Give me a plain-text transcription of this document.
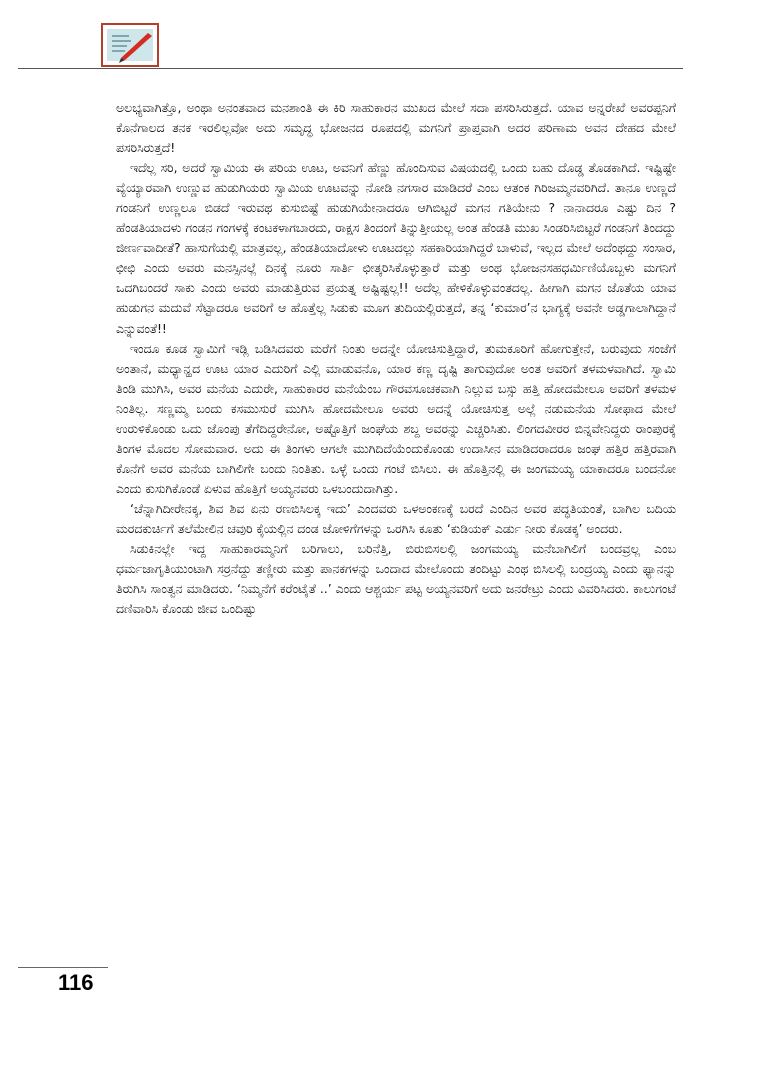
ಅಲಭ್ಯವಾಗಿತ್ತೊ, ಅಂಥಾ ಅನಂತವಾದ ಮನಶಾಂತಿ ಈ ಕಿರಿ ಸಾಹುಕಾರನ ಮುಖದ ಮೇಲೆ ಸದಾ ಪಸರಿಸಿರುತ್ತದೆ. ಯಾವ ಅನ್ನರೇಖೆ ಅವರಪ್ಪನಿಗೆ ಕೊನೆಗಾಲದ ತನಕ ಇರಲಿಲ್ಲವೋ ಅದು ಸಮೃದ್ಧ ಭೋಜನದ ರೂಪದಲ್ಲಿ ಮಗನಿಗೆ ಪ್ರಾಪ್ತವಾಗಿ ಅದರ ಪರಿಣಾಮ ಅವನ ದೇಹದ ಮೇಲೆ ಪಸರಿಸಿರುತ್ತದೆ!

ಇದೆಲ್ಲ ಸರಿ, ಅದರೆ ಸ್ವಾಮಿಯ ಈ ಪರಿಯ ಊಟ, ಅವನಿಗೆ ಹೆಣ್ಣು ಹೊಂದಿಸುವ ವಿಷಯದಲ್ಲಿ ಒಂದು ಬಹು ದೊಡ್ಡ ತೊಡಕಾಗಿದೆ. ಇಷ್ಟಿಷ್ಟೇ ವ್ಯೆಯ್ಯಾರವಾಗಿ ಉಣ್ಣುವ ಹುಡುಗಿಯರು ಸ್ವಾಮಿಯ ಊಟವನ್ನು ನೋಡಿ ನಗಸಾರ ಮಾಡಿದರೆ ಎಂಬ ಆತಂಕ ಗಿರಿಜಮ್ಮನವರಿಗಿದೆ. ತಾನೂ ಉಣ್ಣದೆ ಗಂಡನಿಗೆ ಉಣ್ಣಲೂ ಬಿಡದೆ ಇರುವಥ ಕುಸುಬಿಷ್ಟೆ ಹುಡುಗಿಯೇನಾದರೂ ಆಗಿಬಿಟ್ಟರೆ ಮಗನ ಗತಿಯೇನು ? ನಾನಾದರೂ ಎಷ್ಟು ದಿನ ? ಹೆಂಡತಿಯಾದಳು ಗಂಡನ ಗಂಗಳಕ್ಕೆ ಕಂಟಕಳಾಗಬಾರದು, ರಾಕ್ಷಸ ತಿಂದಂಗೆ ತಿನ್ನುತ್ತೀಯಲ್ಲ ಅಂತ ಹೆಂಡತಿ ಮುಖ ಸಿಂಡರಿಸಿಬಿಟ್ಟರೆ ಗಂಡನಿಗೆ ತಿಂದದ್ದು ಜೀರ್ಣವಾದೀತೆ? ಹಾಸುಗೆಯಲ್ಲಿ ಮಾತ್ರವಲ್ಲ, ಹೆಂಡತಿಯಾದೋಳು ಊಟದಲ್ಲು ಸಹಕಾರಿಯಾಗಿದ್ದರೆ ಬಾಳುವೆ, ಇಲ್ಲದ ಮೇಲೆ ಅದೆಂಥದ್ದು ಸಂಸಾರ, ಛೀಛಿ ಎಂದು ಅವರು ಮನಸ್ಸಿನಲ್ಲೆ ದಿನಕ್ಕೆ ನೂರು ಸಾರ್ತಿ ಛೀತ್ಕರಿಸಿಕೊಳ್ಳುತ್ತಾರೆ ಮತ್ತು ಅಂಥ ಭೋಜನಸಹಧರ್ಮಿಣಿಯೊಬ್ಬಳು ಮಗನಿಗೆ ಒದಗಿಬಂದರೆ ಸಾಕು ಎಂದು ಅವರು ಮಾಡುತ್ತಿರುವ ಪ್ರಯತ್ನ ಅಷ್ಟಿಷ್ಟಲ್ಲ!! ಅದೆಲ್ಲ ಹೇಳಿಕೊಳ್ಳುವಂತದಲ್ಲ. ಹೀಗಾಗಿ ಮಗನ ಜೊತೆಯ ಯಾವ ಹುಡುಗನ ಮದುವೆ ಸೆಟ್ಟಾದರೂ ಅವರಿಗೆ ಆ ಹೊತ್ತೆಲ್ಲ ಸಿಡುಕು ಮೂಗ ತುದಿಯಲ್ಲಿರುತ್ತದೆ, ತನ್ನ ‘ಕುಮಾರ’ನ ಭಾಗ್ಯಕ್ಕೆ ಅವನೇ ಅಡ್ಡಗಾಲಾಗಿದ್ದಾನೆ ಎನ್ನುವಂತೆ!!

ಇಂದೂ ಕೂಡ ಸ್ವಾಮಿಗೆ ಇಡ್ಲಿ ಬಡಿಸಿದವರು ಮರೆಗೆ ನಿಂತು ಅದನ್ನೇ ಯೋಚಿಸುತ್ತಿದ್ದಾರೆ, ತುಮಕೂರಿಗೆ ಹೋಗುತ್ತೇನೆ, ಬರುವುದು ಸಂಜೆಗೆ ಅಂತಾನೆ, ಮಧ್ಯಾನ್ಹದ ಊಟ ಯಾರ ಎದುರಿಗೆ ಎಲ್ಲಿ ಮಾಡುವನೊ, ಯಾರ ಕಣ್ಣ ದೃಷ್ಟಿ ತಾಗುವುದೋ ಅಂತ ಅವರಿಗೆ ತಳಮಳವಾಗಿದೆ. ಸ್ವಾಮಿ ತಿಂಡಿ ಮುಗಿಸಿ, ಅವರ ಮನೆಯ ಎದುರೇ, ಸಾಹುಕಾರರ ಮನೆಯೆಂಬ ಗೌರವಸೂಚಕವಾಗಿ ನಿಲ್ಲುವ ಬಸ್ಸು ಹತ್ತಿ ಹೋದಮೇಲೂ ಅವರಿಗೆ ತಳಮಳ ನಿಂತಿಲ್ಲ. ಸಣ್ಣಮ್ಮ ಬಂದು ಕಸಮುಸುರೆ ಮುಗಿಸಿ ಹೋದಮೇಲೂ ಅವರು ಅದನ್ನೆ ಯೋಚಿಸುತ್ತ ಅಲ್ಲೆ ನಡುಮನೆಯ ಸೋಫಾದ ಮೇಲೆ ಉರುಳಿಕೊಂಡು ಒದು ಜೊಂಪು ತೆಗೆದಿದ್ದರೇನೋ, ಅಷ್ಟೊತ್ತಿಗೆ ಜಂಘೆಯ ಶಬ್ದ ಅವರನ್ನು ಎಚ್ಚರಿಸಿತು. ಲಿಂಗದವೀರರ ಬಿನ್ನವೇನಿದ್ದರು ರಾಂಪುರಕ್ಕೆ ತಿಂಗಳ ಮೊದಲ ಸೋಮವಾರ. ಅದು ಈ ತಿಂಗಳು ಆಗಲೇ ಮುಗಿದಿದೆಯೆಂದುಕೊಂಡು ಉದಾಸೀನ ಮಾಡಿದರಾದರೂ ಜಂಘ ಹತ್ತಿರ ಹತ್ತಿರವಾಗಿ ಕೊನೆಗೆ ಅವರ ಮನೆಯ ಬಾಗಿಲಿಗೇ ಬಂದು ನಿಂತಿತು. ಒಳ್ಳೆ ಒಂದು ಗಂಟೆ ಬಿಸಿಲು. ಈ ಹೊತ್ತಿನಲ್ಲಿ ಈ ಜಂಗಮಯ್ಯ ಯಾಕಾದರೂ ಬಂದನೋ ಎಂದು ಕುಸುಗಿಕೊಂಡೆ ಏಳುವ ಹೊತ್ತಿಗೆ ಅಯ್ಯನವರು ಒಳಬಂದುದಾಗಿತ್ತು.

‘ಚೆನ್ನಾಗಿದೀರೇನಕ್ಕ, ಶಿವ ಶಿವ ಏನು ರಣಬಿಸಿಲಕ್ಕ ಇದು’ ಎಂದವರು ಒಳಅಂಕಣಕ್ಕೆ ಬರದೆ ಎಂದಿನ ಅವರ ಪದ್ಧತಿಯಂತೆ, ಬಾಗಿಲ ಬದಿಯ ಮರದಕುರ್ಚಿಗೆ ತಲೆಮೇಲಿನ ಚವುರಿ ಕೈಯಲ್ಲಿನ ದಂಡ ಜೋಳಿಗೆಗಳನ್ನು ಒರಗಿಸಿ ಕೂತು ‘ಕುಡಿಯಕ್ ಎರ್ಡು ನೀರು ಕೊಡಕ್ಕ’ ಅಂದರು.

ಸಿಡುಕಿನಲ್ಲೇ ಇದ್ದ ಸಾಹುಕಾರಮ್ಮನಿಗೆ ಬರಿಗಾಲು, ಬರಿನೆತ್ತಿ, ಬಿರುಬಿಸಲಲ್ಲಿ ಜಂಗಮಯ್ಯ ಮನೆಬಾಗಿಲಿಗೆ ಬಂದವ್ರಲ್ಲ ಎಂಬ ಧರ್ಮಜಾಗೃತಿಯುಂಟಾಗಿ ಸರ್ರನೆದ್ದು ತಣ್ಣೀರು ಮತ್ತು ಪಾನಕಗಳನ್ನು ಒಂದಾದ ಮೇಲೊಂದು ತಂದಿಟ್ಟು ಎಂಥ ಬಿಸಿಲಲ್ಲಿ ಬಂದ್ರಯ್ಯ ಎಂದು ಫ್ಯಾನನ್ನು ತಿರುಗಿಸಿ ಸಾಂತ್ವನ ಮಾಡಿದರು. ‘ನಿಮ್ಮನೆಗೆ ಕರೆಂಟೈತೆ ..’ ಎಂದು ಆಶ್ಚರ್ಯ ಪಟ್ಟ ಅಯ್ಯನವರಿಗೆ ಅದು ಜನರೇಟ್ರು ಎಂದು ವಿವರಿಸಿದರು. ಕಾಲುಗಂಟೆ ದಣಿವಾರಿಸಿ ಕೊಂಡು ಜೀವ ಒಂದಿಷ್ಟು

116
